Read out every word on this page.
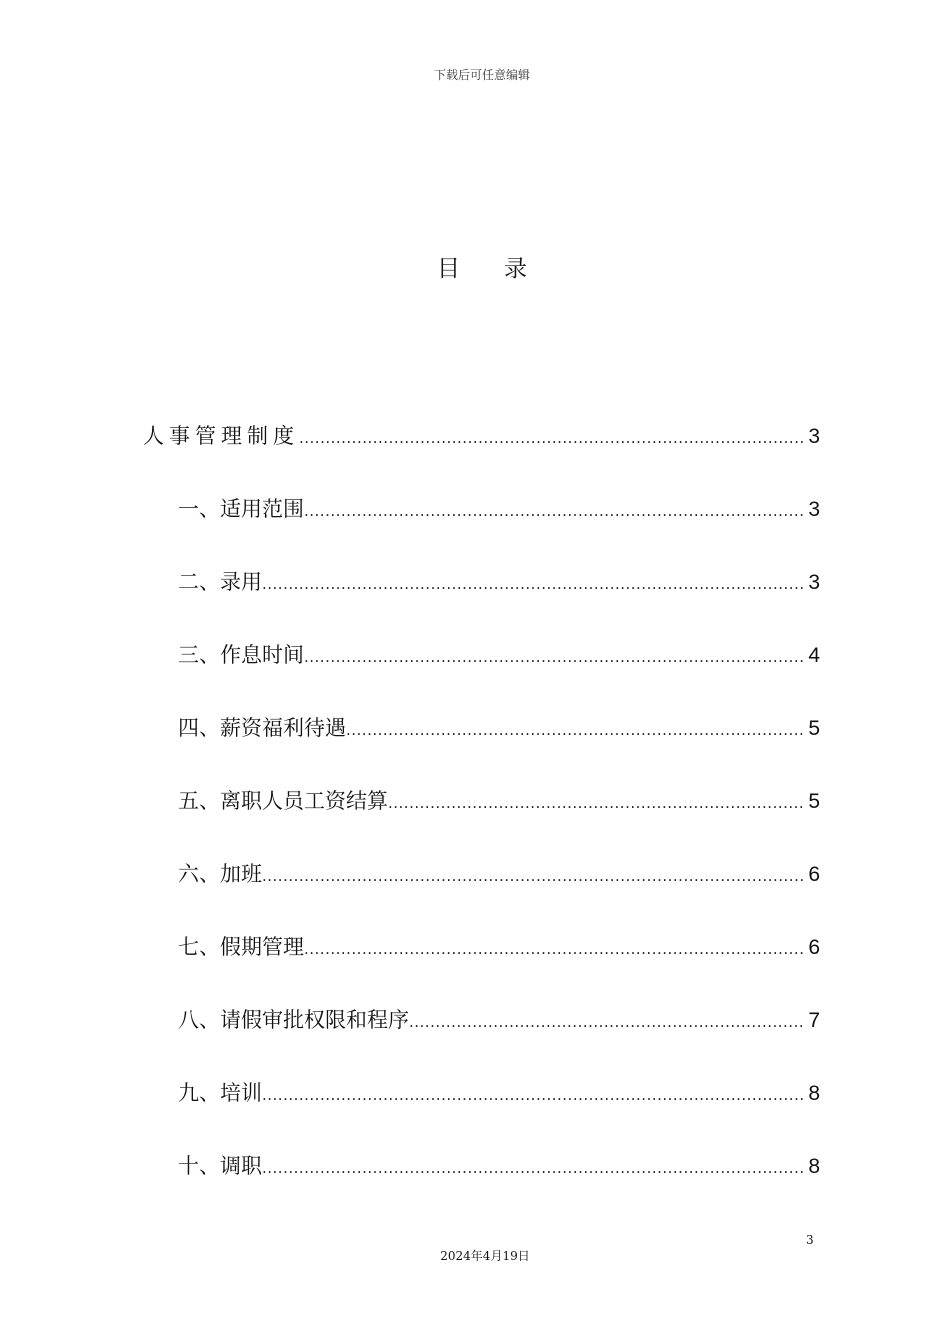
下载后可任意编辑
目录
人事管理制度 .....	3
一、适用范围 .....	3
二、录用 .....	3
三、作息时间 .....	4
四、薪资福利待遇 .....	5
五、离职人员工资结算 .....	5
六、加班 .....	6
七、假期管理 .....	6
八、请假审批权限和程序 .....	7
九、培训 .....	8
十、调职 .....	8
3
2024年4月19日
